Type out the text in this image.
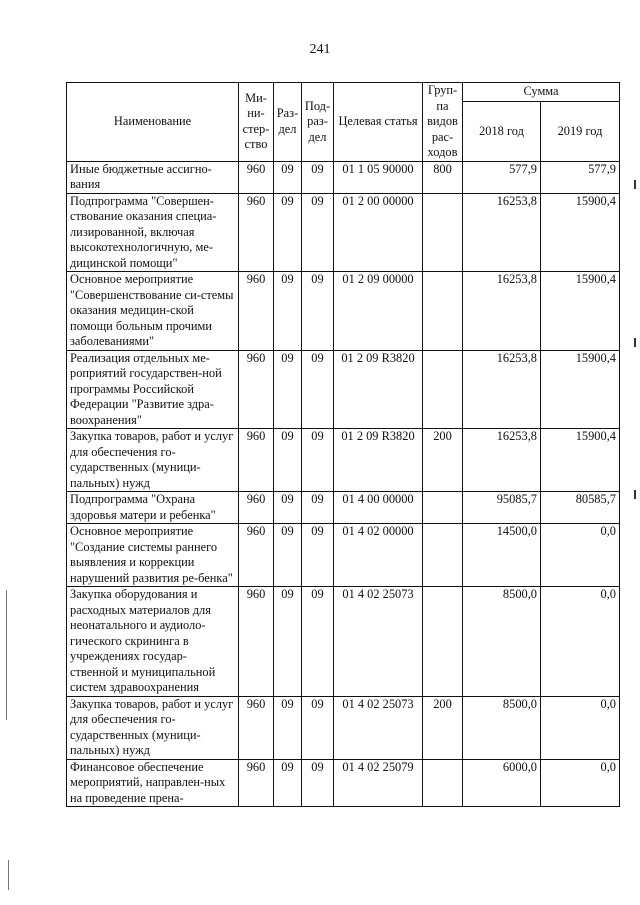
241
Наименование	Ми-ни-стер-ство	Раз-дел	Под-раз-дел	Целевая статья	Груп-па видов рас-ходов	Сумма	
						2018 год	2019 год
Иные бюджетные ассигно-вания	960	09	09	01 1 05 90000	800	577,9	577,9
Подпрограмма "Совершен-ствование оказания специа-лизированной, включая высокотехнологичную, ме-дицинской помощи"	960	09	09	01 2 00 00000		16253,8	15900,4
Основное мероприятие "Совершенствование си-стемы оказания медицин-ской помощи больным прочими заболеваниями"	960	09	09	01 2 09 00000		16253,8	15900,4
Реализация отдельных ме-роприятий государствен-ной программы Российской Федерации "Развитие здра-воохранения"	960	09	09	01 2 09 R3820		16253,8	15900,4
Закупка товаров, работ и услуг для обеспечения го-сударственных (муници-пальных) нужд	960	09	09	01 2 09 R3820	200	16253,8	15900,4
Подпрограмма "Охрана здоровья матери и ребенка"	960	09	09	01 4 00 00000		95085,7	80585,7
Основное мероприятие "Создание системы раннего выявления и коррекции нарушений развития ре-бенка"	960	09	09	01 4 02 00000		14500,0	0,0
Закупка оборудования и расходных материалов для неонатального и аудиоло-гического скрининга в учреждениях государ-ственной и муниципальной систем здравоохранения	960	09	09	01 4 02 25073		8500,0	0,0
Закупка товаров, работ и услуг для обеспечения го-сударственных (муници-пальных) нужд	960	09	09	01 4 02 25073	200	8500,0	0,0
Финансовое обеспечение мероприятий, направлен-ных на проведение прена-	960	09	09	01 4 02 25079		6000,0	0,0
